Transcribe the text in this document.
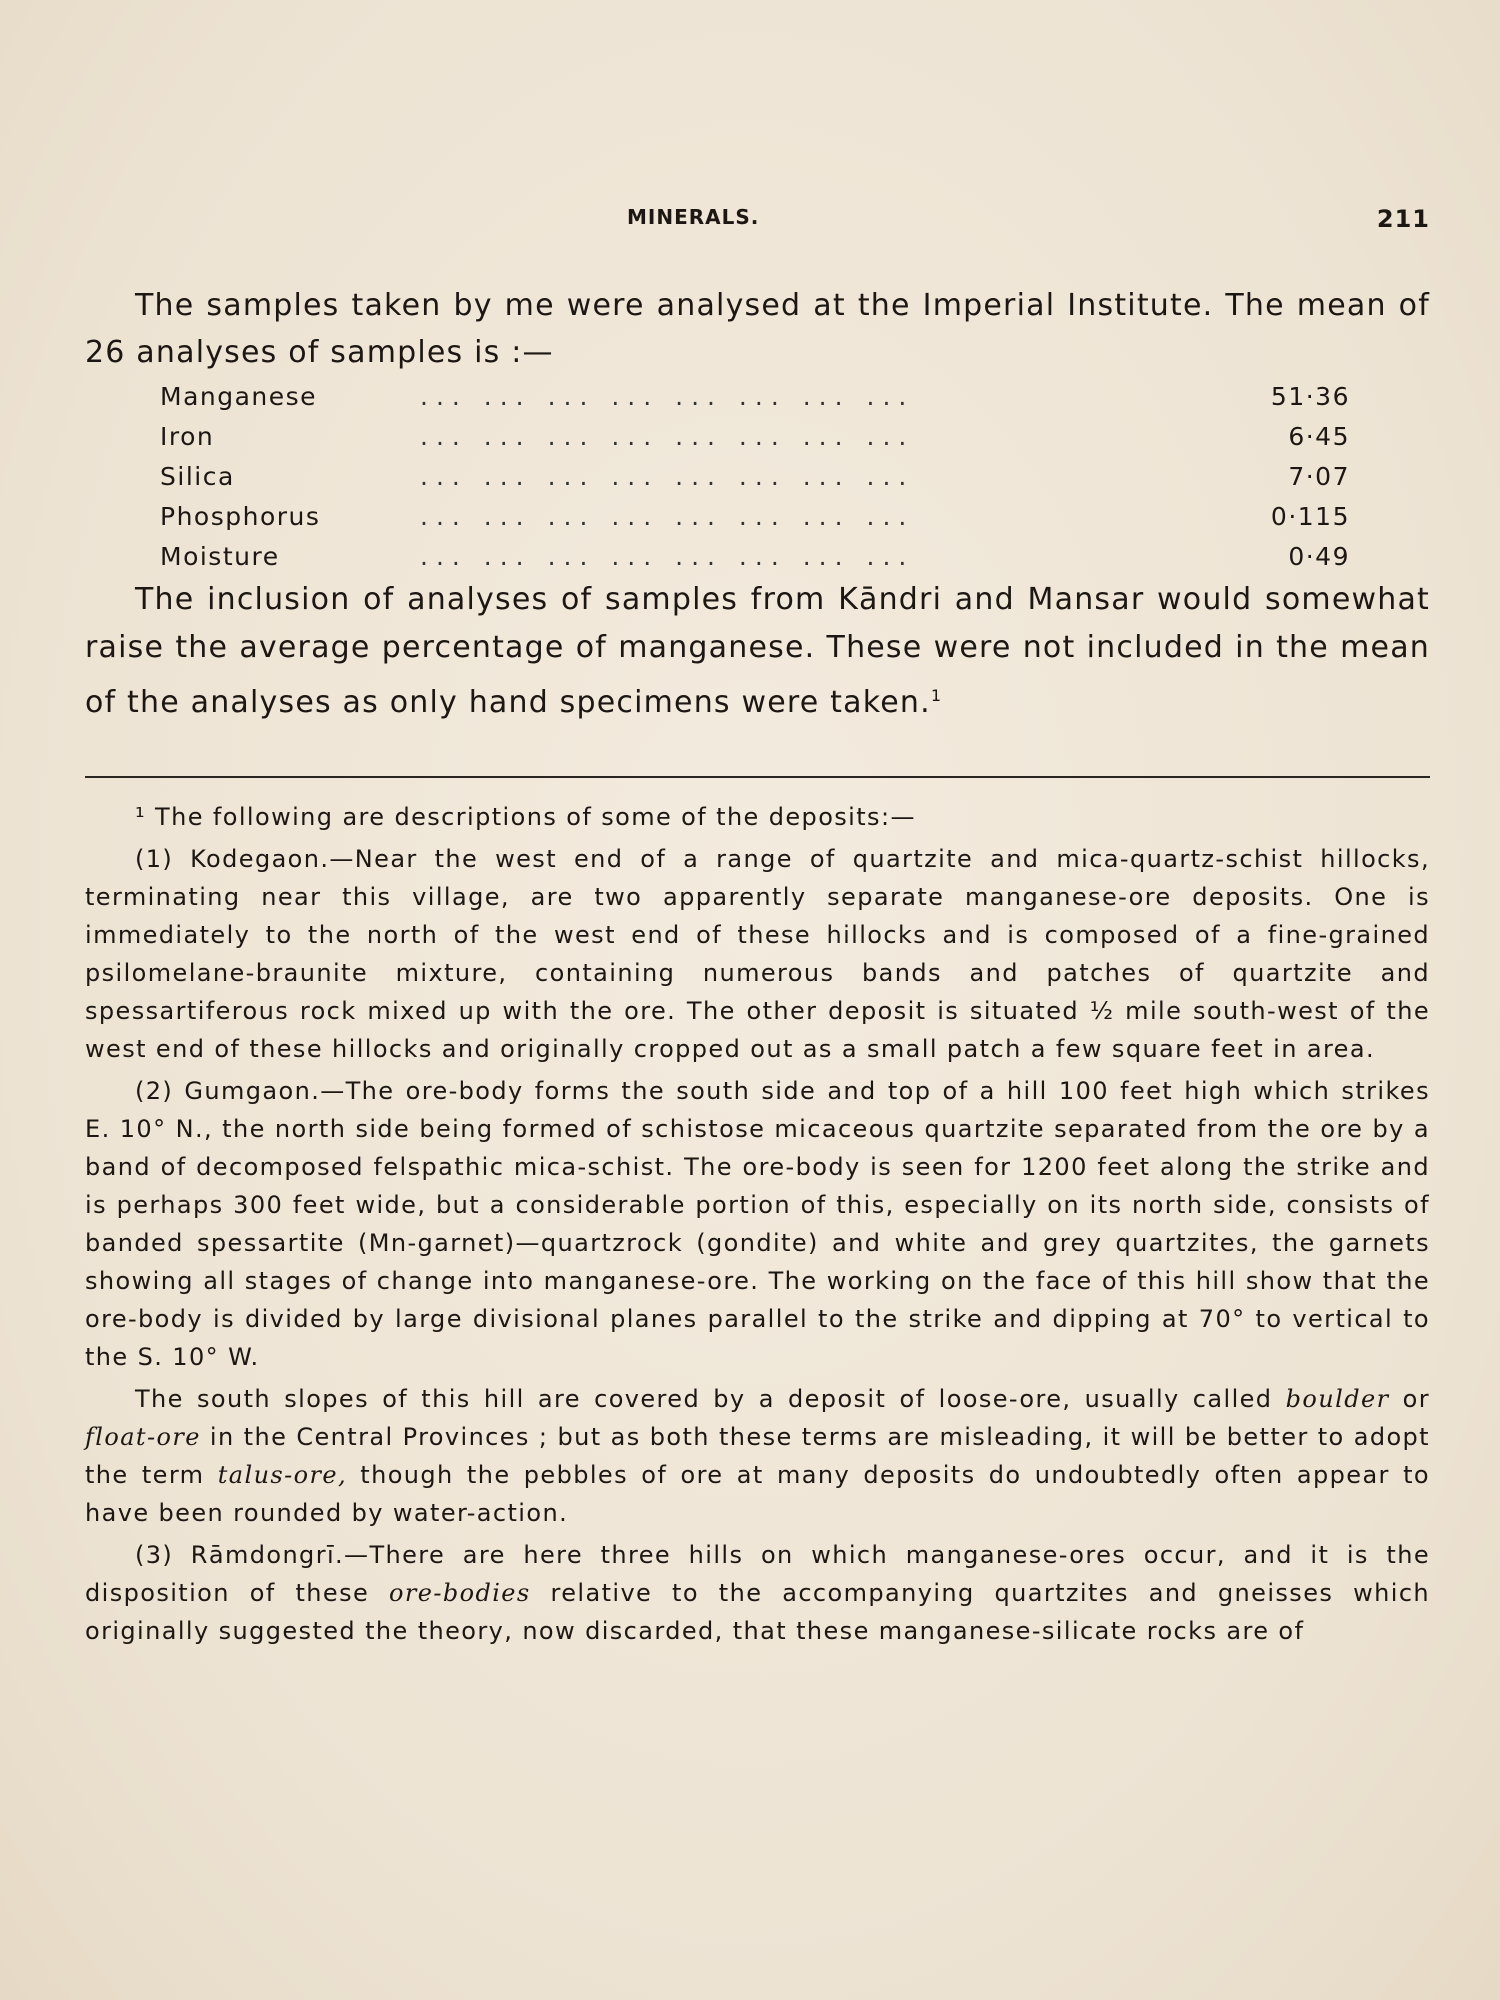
MINERALS.	211
The samples taken by me were analysed at the Imperial Institute. The mean of 26 analyses of samples is :—
Manganese	... ... ... ... ... ... ... ...	51·36
Iron	... ... ... ... ... ... ... ...	6·45
Silica	... ... ... ... ... ... ... ...	7·07
Phosphorus	... ... ... ... ... ... ... ...	0·115
Moisture	... ... ... ... ... ... ... ...	0·49
The inclusion of analyses of samples from Kāndri and Mansar would somewhat raise the average percentage of manganese. These were not included in the mean of the analyses as only hand specimens were taken.$^1$

¹ The following are descriptions of some of the deposits:—

(1) Kodegaon.—Near the west end of a range of quartzite and mica-quartz-schist hillocks, terminating near this village, are two apparently separate manganese-ore deposits. One is immediately to the north of the west end of these hillocks and is composed of a fine-grained psilomelane-braunite mixture, containing numerous bands and patches of quartzite and spessartiferous rock mixed up with the ore. The other deposit is situated ½ mile south-west of the west end of these hillocks and originally cropped out as a small patch a few square feet in area.

(2) Gumgaon.—The ore-body forms the south side and top of a hill 100 feet high which strikes E. 10° N., the north side being formed of schistose micaceous quartzite separated from the ore by a band of decomposed felspathic mica-schist. The ore-body is seen for 1200 feet along the strike and is perhaps 300 feet wide, but a considerable portion of this, especially on its north side, consists of banded spessartite (Mn-garnet)—quartzrock (gondite) and white and grey quartzites, the garnets showing all stages of change into manganese-ore. The working on the face of this hill show that the ore-body is divided by large divisional planes parallel to the strike and dipping at 70° to vertical to the S. 10° W.

The south slopes of this hill are covered by a deposit of loose-ore, usually called boulder or float-ore in the Central Provinces ; but as both these terms are misleading, it will be better to adopt the term talus-ore, though the pebbles of ore at many deposits do undoubtedly often appear to have been rounded by water-action.

(3) Rāmdongrī.—There are here three hills on which manganese-ores occur, and it is the disposition of these ore-bodies relative to the accompanying quartzites and gneisses which originally suggested the theory, now discarded, that these manganese-silicate rocks are of
